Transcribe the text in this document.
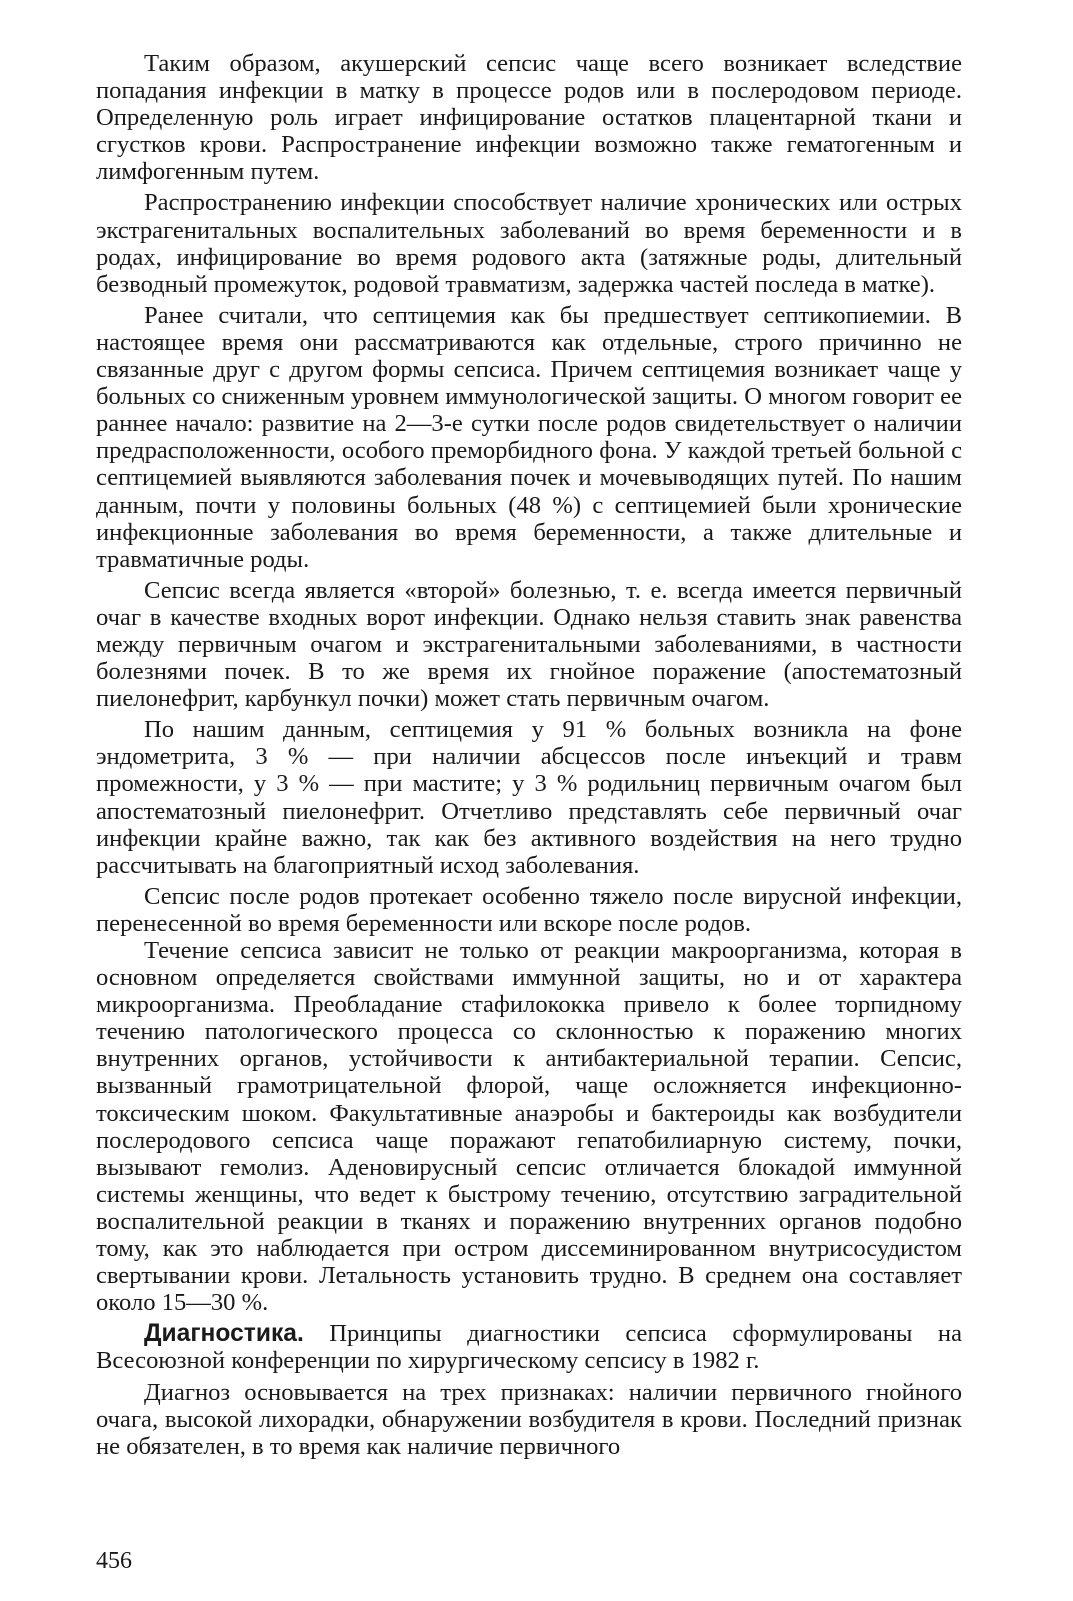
Таким образом, акушерский сепсис чаще всего возникает вследствие попадания инфекции в матку в процессе родов или в послеродовом периоде. Определенную роль играет инфицирование остатков плацентарной ткани и сгустков крови. Распространение инфекции возможно также гематогенным и лимфогенным путем.

Распространению инфекции способствует наличие хронических или острых экстрагенитальных воспалительных заболеваний во время беременности и в родах, инфицирование во время родового акта (затяжные роды, длительный безводный промежуток, родовой травматизм, задержка частей последа в матке).

Ранее считали, что септицемия как бы предшествует септикопиемии. В настоящее время они рассматриваются как отдельные, строго причинно не связанные друг с другом формы сепсиса. Причем септицемия возникает чаще у больных со сниженным уровнем иммунологической защиты. О многом говорит ее раннее начало: развитие на 2—3-е сутки после родов свидетельствует о наличии предрасположенности, особого преморбидного фона. У каждой третьей больной с септицемией выявляются заболевания почек и мочевыводящих путей. По нашим данным, почти у половины больных (48 %) с септицемией были хронические инфекционные заболевания во время беременности, а также длительные и травматичные роды.

Сепсис всегда является «второй» болезнью, т. е. всегда имеется первичный очаг в качестве входных ворот инфекции. Однако нельзя ставить знак равенства между первичным очагом и экстрагенитальными заболеваниями, в частности болезнями почек. В то же время их гнойное поражение (апостематозный пиелонефрит, карбункул почки) может стать первичным очагом.

По нашим данным, септицемия у 91 % больных возникла на фоне эндометрита, 3 % — при наличии абсцессов после инъекций и травм промежности, у 3 % — при мастите; у 3 % родильниц первичным очагом был апостематозный пиелонефрит. Отчетливо представлять себе первичный очаг инфекции крайне важно, так как без активного воздействия на него трудно рассчитывать на благоприятный исход заболевания.

Сепсис после родов протекает особенно тяжело после вирусной инфекции, перенесенной во время беременности или вскоре после родов.

Течение сепсиса зависит не только от реакции макроорганизма, которая в основном определяется свойствами иммунной защиты, но и от характера микроорганизма. Преобладание стафилококка привело к более торпидному течению патологического процесса со склонностью к поражению многих внутренних органов, устойчивости к антибактериальной терапии. Сепсис, вызванный грамотрицательной флорой, чаще осложняется инфекционно-токсическим шоком. Факультативные анаэробы и бактероиды как возбудители послеродового сепсиса чаще поражают гепатобилиарную систему, почки, вызывают гемолиз. Аденовирусный сепсис отличается блокадой иммунной системы женщины, что ведет к быстрому течению, отсутствию заградительной воспалительной реакции в тканях и поражению внутренних органов подобно тому, как это наблюдается при остром диссеминированном внутрисосудистом свертывании крови. Летальность установить трудно. В среднем она составляет около 15—30 %.

Диагностика. Принципы диагностики сепсиса сформулированы на Всесоюзной конференции по хирургическому сепсису в 1982 г.

Диагноз основывается на трех признаках: наличии первичного гнойного очага, высокой лихорадки, обнаружении возбудителя в крови. Последний признак не обязателен, в то время как наличие первичного

456
